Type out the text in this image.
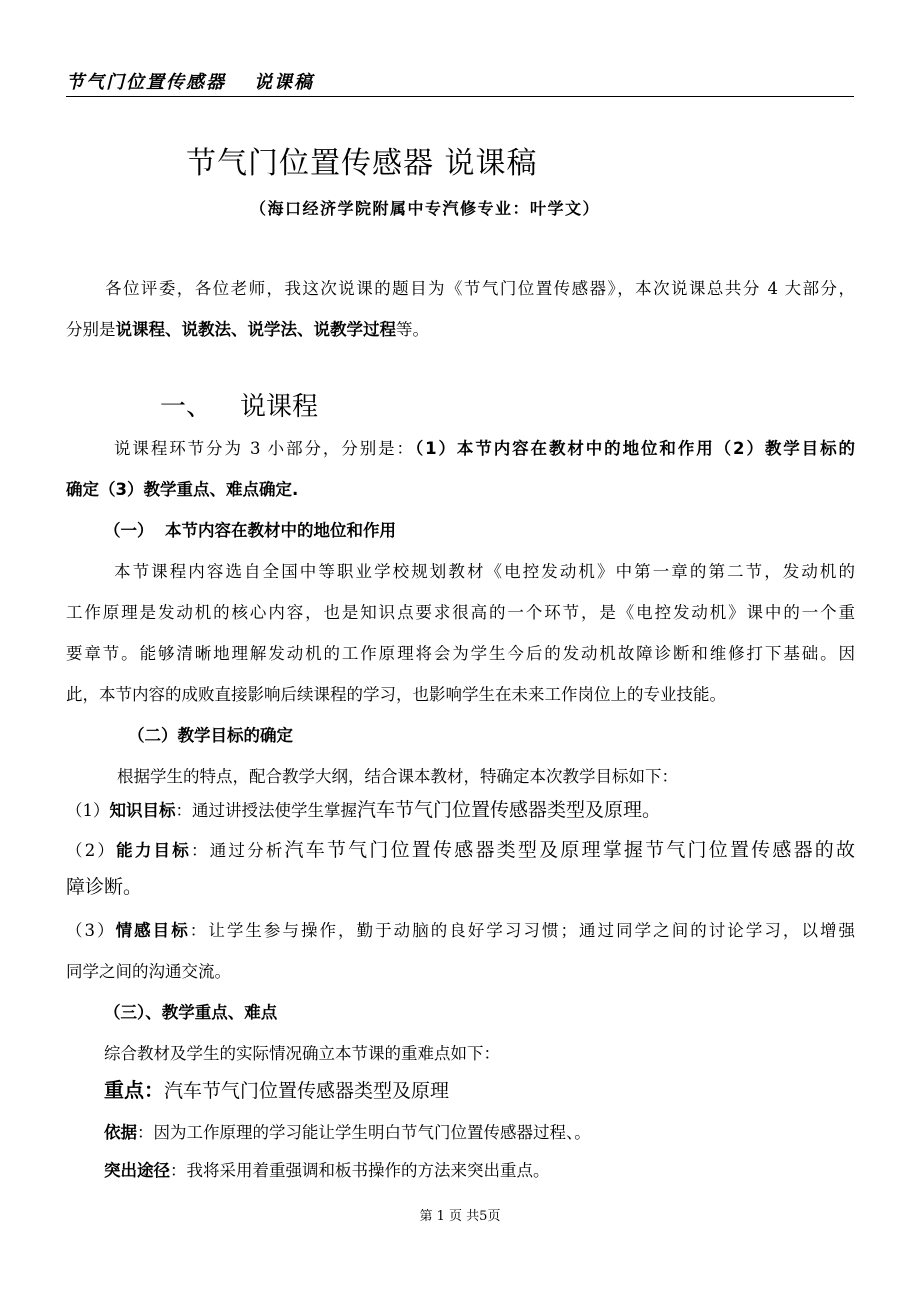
节气门位置传感器 说课稿
节气门位置传感器 说课稿
（海口经济学院附属中专汽修专业：叶学文）
各位评委，各位老师，我这次说课的题目为《节气门位置传感器》，本次说课总共分 4 大部分，
分别是说课程、说教法、说学法、说教学过程等。
一、 说课程
说课程环节分为 3 小部分，分别是：（1）本节内容在教材中的地位和作用（2）教学目标的
确定（3）教学重点、难点确定.
（一） 本节内容在教材中的地位和作用
本节课程内容选自全国中等职业学校规划教材《电控发动机》中第一章的第二节，发动机的
工作原理是发动机的核心内容，也是知识点要求很高的一个环节，是《电控发动机》课中的一个重
要章节。能够清晰地理解发动机的工作原理将会为学生今后的发动机故障诊断和维修打下基础。因
此，本节内容的成败直接影响后续课程的学习，也影响学生在未来工作岗位上的专业技能。
（二）教学目标的确定
根据学生的特点，配合教学大纲，结合课本教材，特确定本次教学目标如下：
（1）知识目标：通过讲授法使学生掌握汽车节气门位置传感器类型及原理。
（2）能力目标：通过分析汽车节气门位置传感器类型及原理掌握节气门位置传感器的故
障诊断。
（3）情感目标：让学生参与操作，勤于动脑的良好学习习惯；通过同学之间的讨论学习，以增强
同学之间的沟通交流。
（三）、教学重点、难点
综合教材及学生的实际情况确立本节课的重难点如下：
重点：汽车节气门位置传感器类型及原理
依据：因为工作原理的学习能让学生明白节气门位置传感器过程、。
突出途径：我将采用着重强调和板书操作的方法来突出重点。
第 1 页 共5页
